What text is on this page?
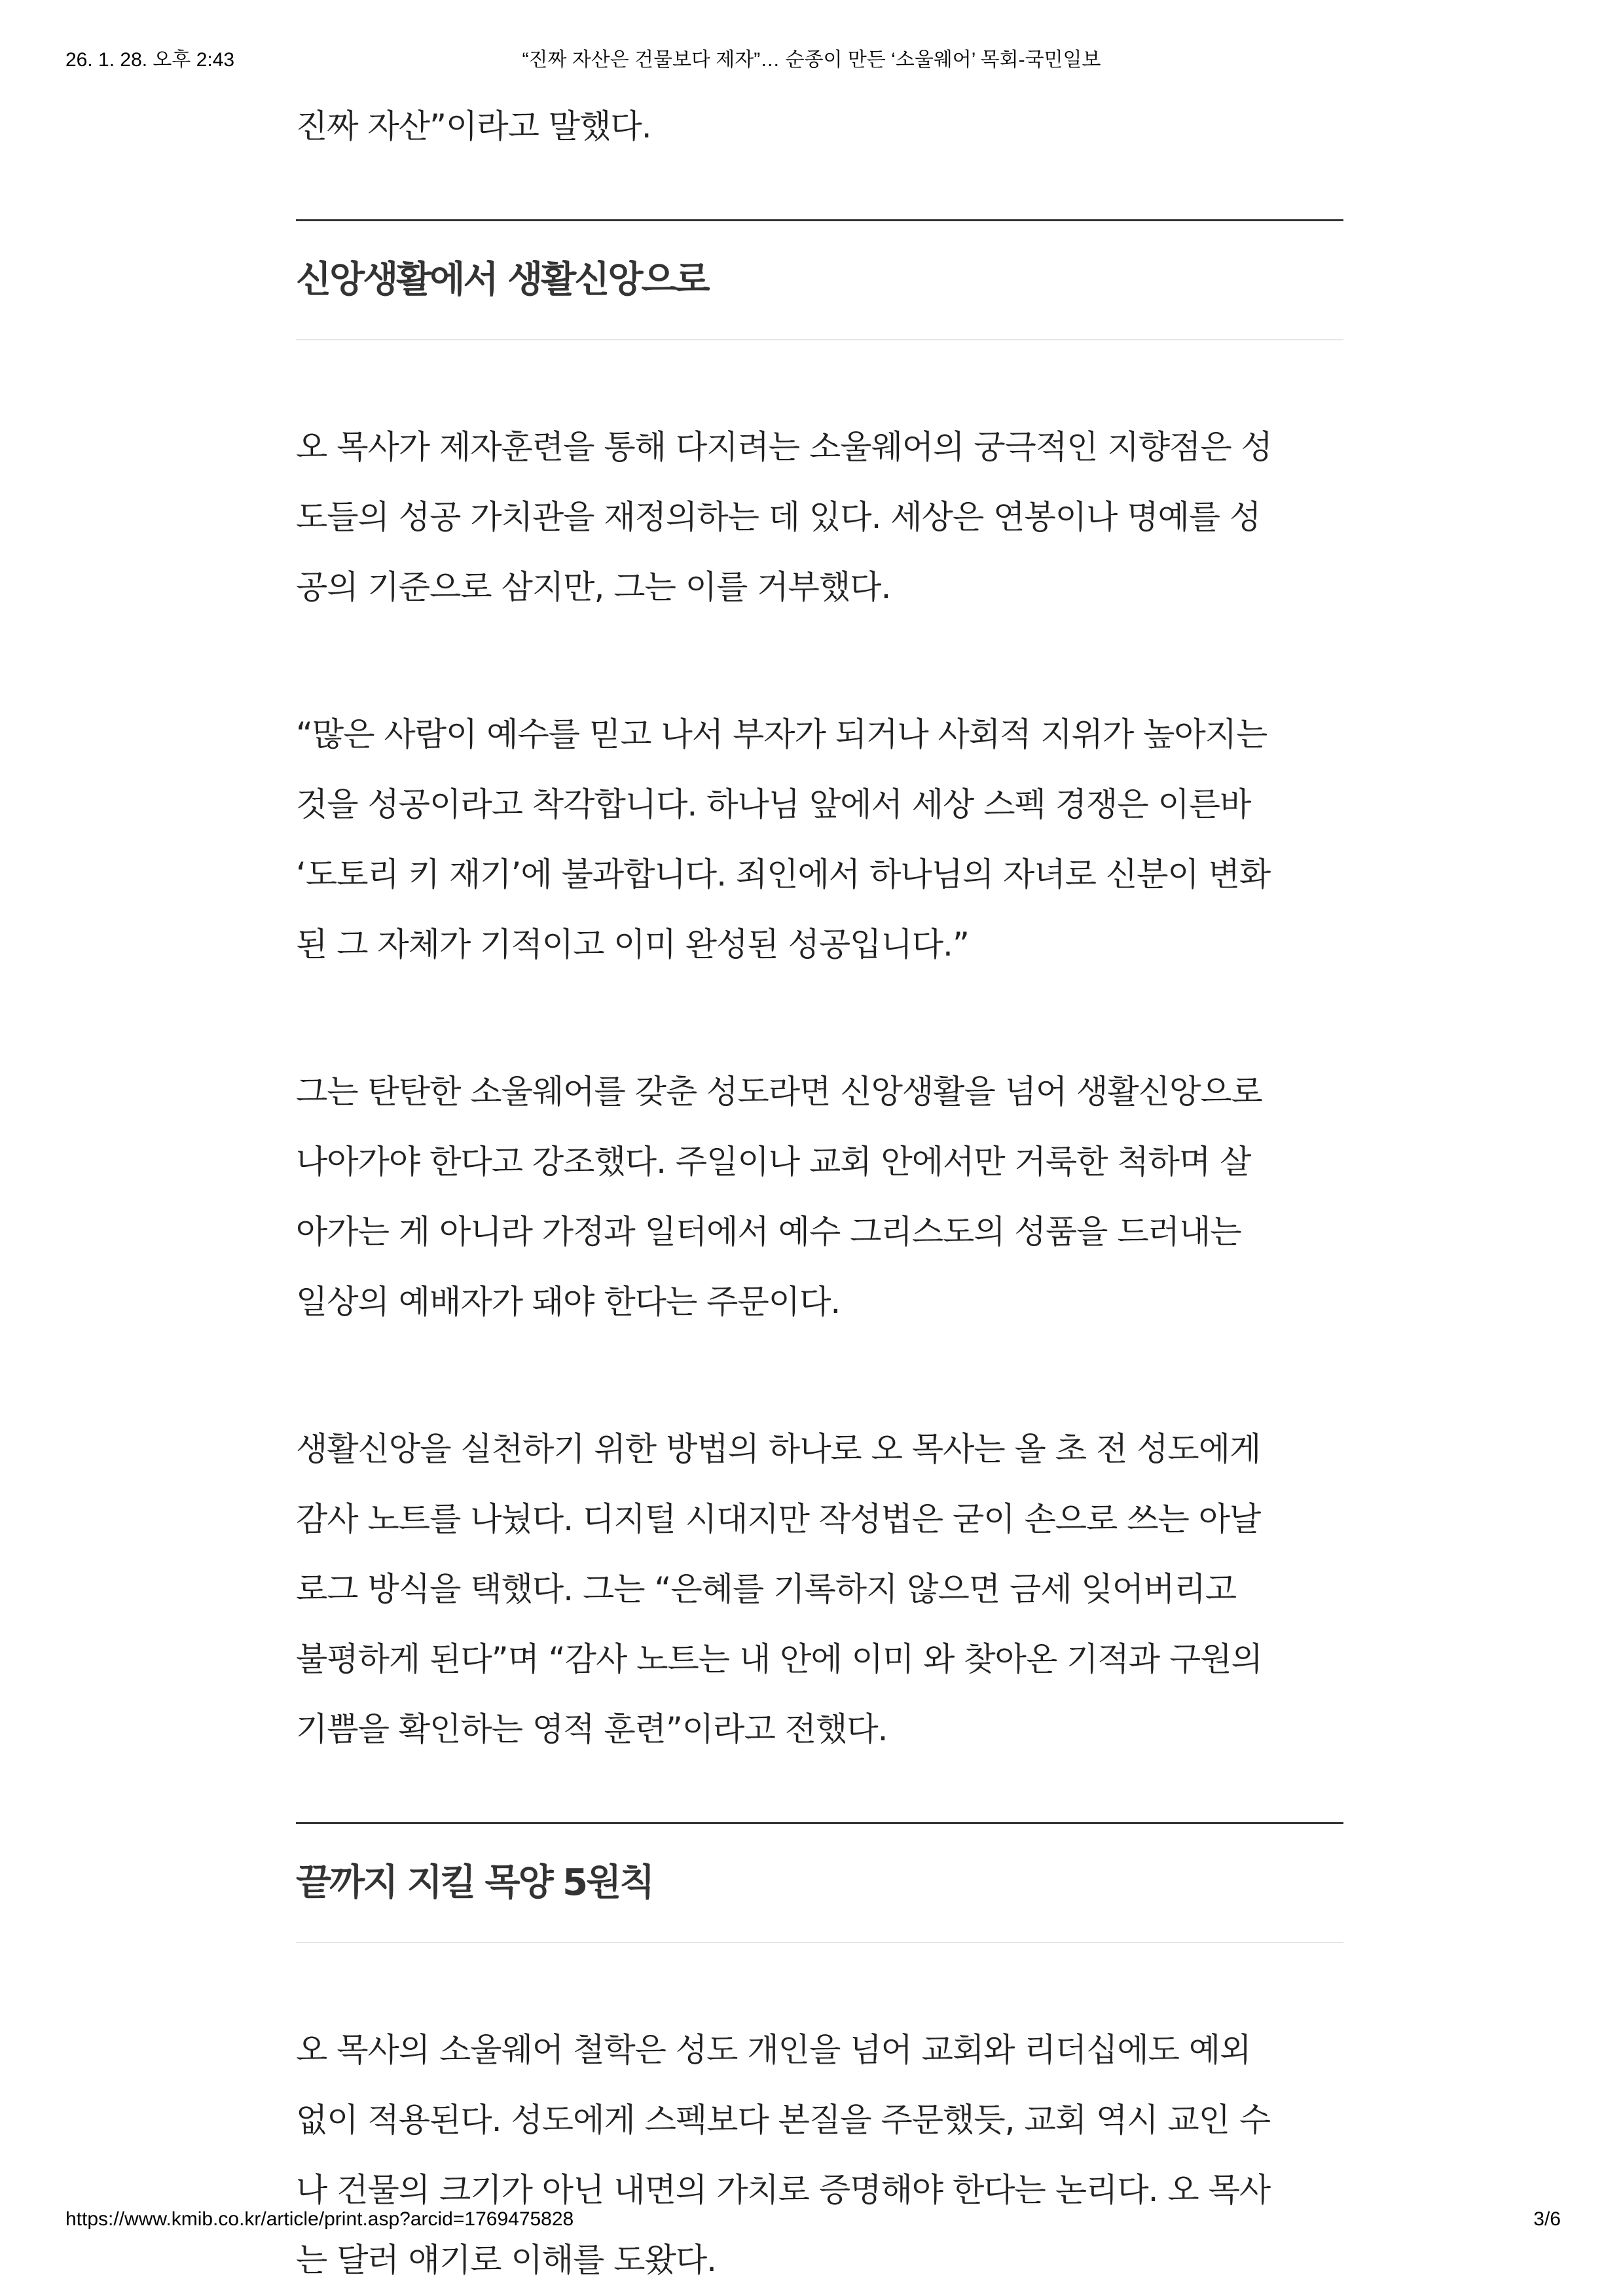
26. 1. 28. 오후 2:43	“진짜 자산은 건물보다 제자”… 순종이 만든 ‘소울웨어’ 목회-국민일보

진짜 자산”이라고 말했다.

신앙생활에서 생활신앙으로

오 목사가 제자훈련을 통해 다지려는 소울웨어의 궁극적인 지향점은 성
도들의 성공 가치관을 재정의하는 데 있다. 세상은 연봉이나 명예를 성
공의 기준으로 삼지만, 그는 이를 거부했다.

“많은 사람이 예수를 믿고 나서 부자가 되거나 사회적 지위가 높아지는
것을 성공이라고 착각합니다. 하나님 앞에서 세상 스펙 경쟁은 이른바
‘도토리 키 재기’에 불과합니다. 죄인에서 하나님의 자녀로 신분이 변화
된 그 자체가 기적이고 이미 완성된 성공입니다.”

그는 탄탄한 소울웨어를 갖춘 성도라면 신앙생활을 넘어 생활신앙으로
나아가야 한다고 강조했다. 주일이나 교회 안에서만 거룩한 척하며 살
아가는 게 아니라 가정과 일터에서 예수 그리스도의 성품을 드러내는
일상의 예배자가 돼야 한다는 주문이다.

생활신앙을 실천하기 위한 방법의 하나로 오 목사는 올 초 전 성도에게
감사 노트를 나눴다. 디지털 시대지만 작성법은 굳이 손으로 쓰는 아날
로그 방식을 택했다. 그는 “은혜를 기록하지 않으면 금세 잊어버리고
불평하게 된다”며 “감사 노트는 내 안에 이미 와 찾아온 기적과 구원의
기쁨을 확인하는 영적 훈련”이라고 전했다.

끝까지 지킬 목양 5원칙

오 목사의 소울웨어 철학은 성도 개인을 넘어 교회와 리더십에도 예외
없이 적용된다. 성도에게 스펙보다 본질을 주문했듯, 교회 역시 교인 수
나 건물의 크기가 아닌 내면의 가치로 증명해야 한다는 논리다. 오 목사
는 달러 얘기로 이해를 도왔다.

https://www.kmib.co.kr/article/print.asp?arcid=1769475828	3/6
